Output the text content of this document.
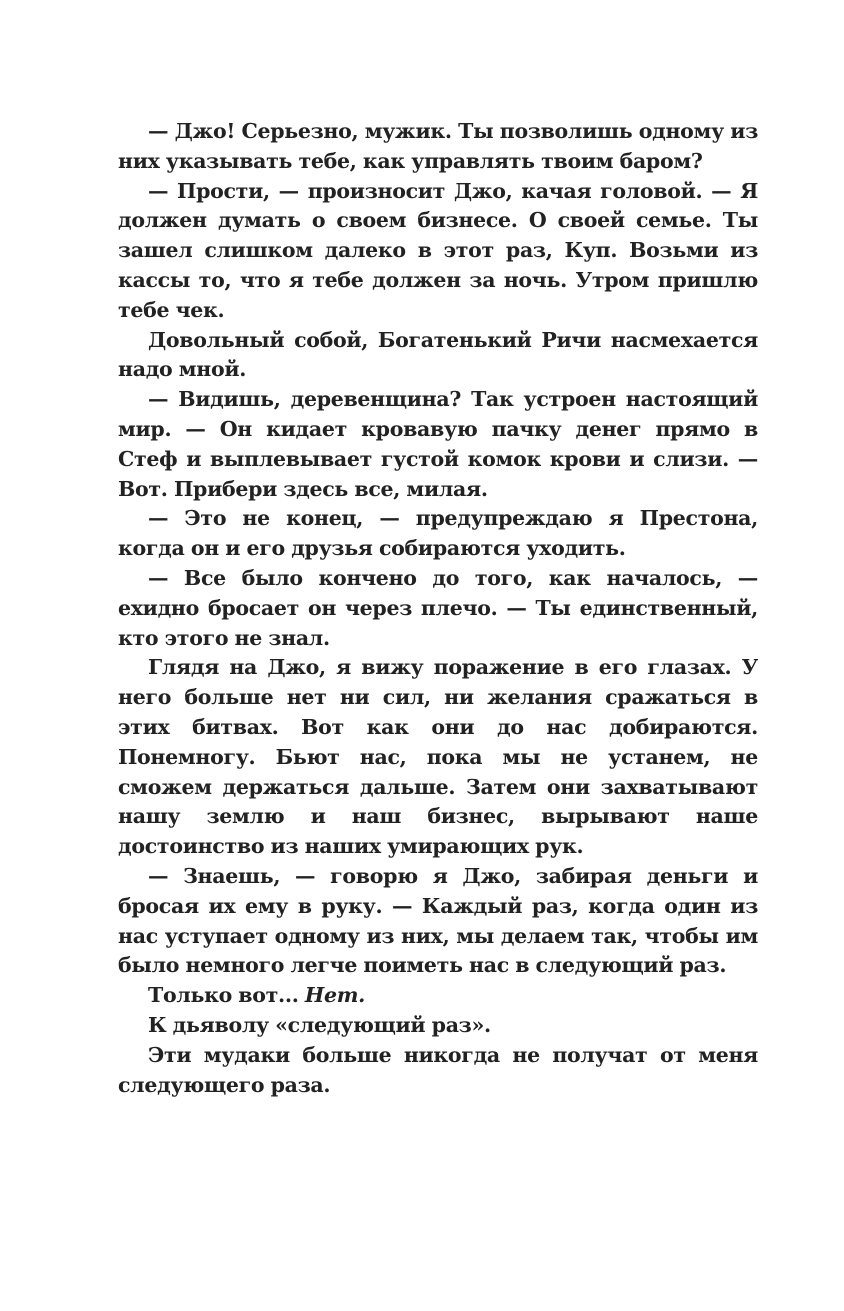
— Джо! Серьезно, мужик. Ты позволишь одному из них указывать тебе, как управлять твоим баром?

— Прости, — произносит Джо, качая головой. — Я должен думать о своем бизнесе. О своей семье. Ты зашел слишком далеко в этот раз, Куп. Возьми из кассы то, что я тебе должен за ночь. Утром пришлю тебе чек.

Довольный собой, Богатенький Ричи насмехается надо мной.

— Видишь, деревенщина? Так устроен настоящий мир. — Он кидает кровавую пачку денег прямо в Стеф и выплевывает густой комок крови и слизи. — Вот. Прибери здесь все, милая.

— Это не конец, — предупреждаю я Престона, когда он и его друзья собираются уходить.

— Все было кончено до того, как началось, — ехидно бросает он через плечо. — Ты единственный, кто этого не знал.

Глядя на Джо, я вижу поражение в его глазах. У него больше нет ни сил, ни желания сражаться в этих битвах. Вот как они до нас добираются. Понемногу. Бьют нас, пока мы не устанем, не сможем держаться дальше. Затем они захватывают нашу землю и наш бизнес, вырывают наше достоинство из наших умирающих рук.

— Знаешь, — говорю я Джо, забирая деньги и бросая их ему в руку. — Каждый раз, когда один из нас уступает одному из них, мы делаем так, чтобы им было немного легче поиметь нас в следующий раз.

Только вот... Нет.

К дьяволу «следующий раз».

Эти мудаки больше никогда не получат от меня следующего раза.
